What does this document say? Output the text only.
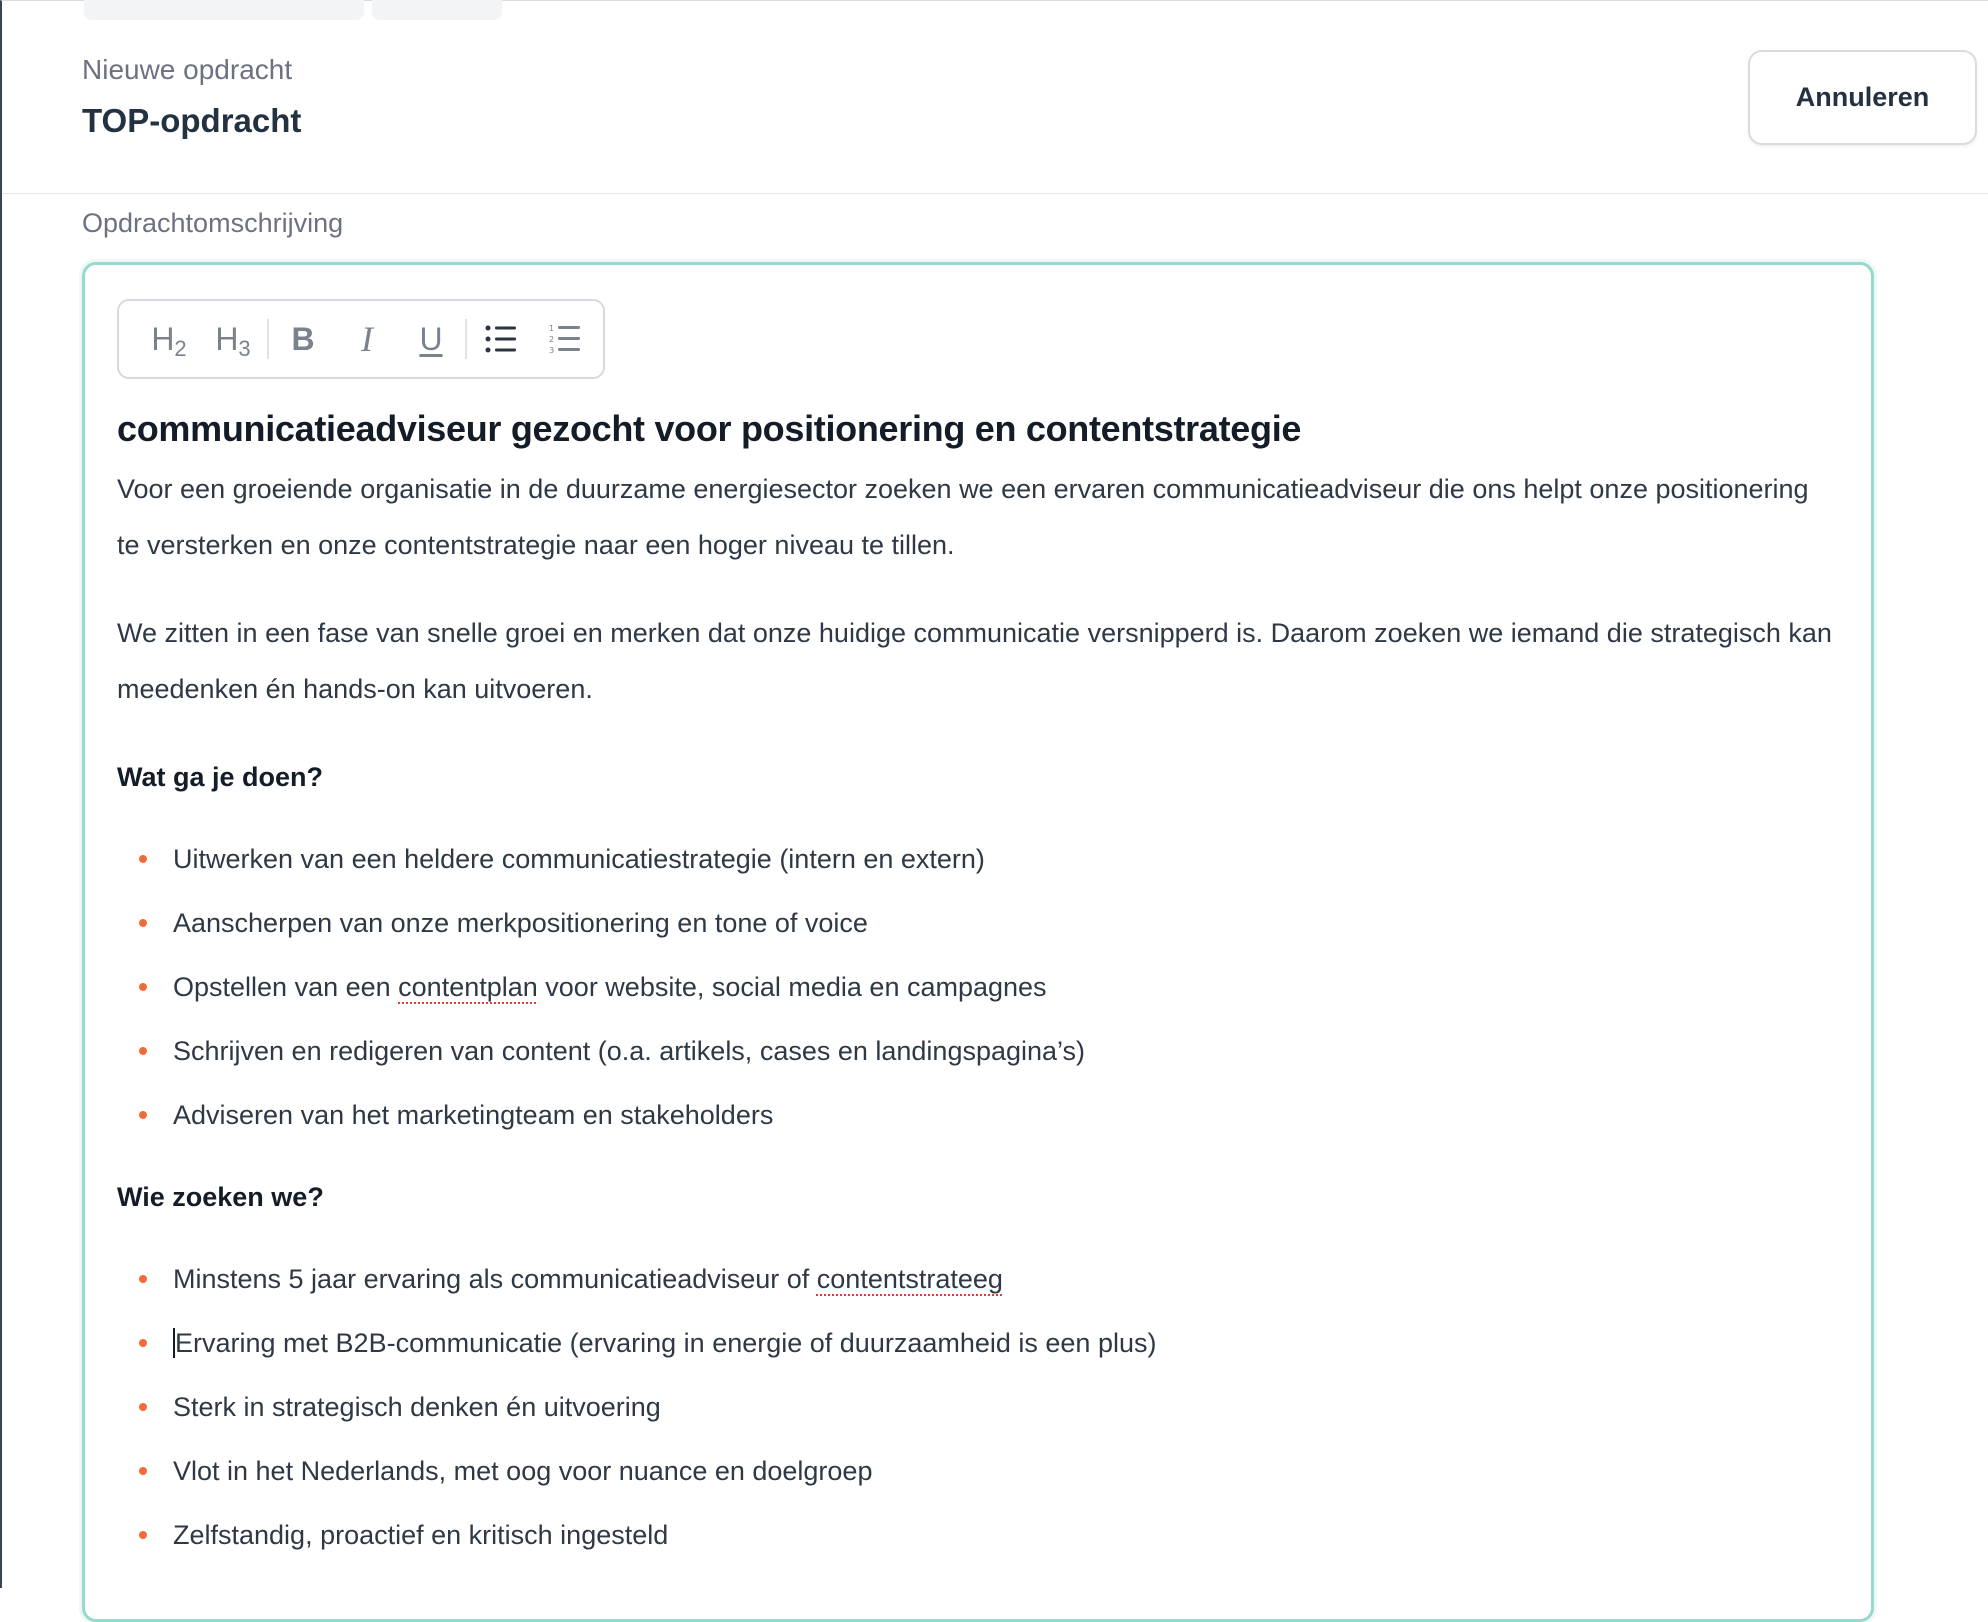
Nieuwe opdracht
TOP-opdracht
Annuleren
Opdrachtomschrijving
H2 H3 B I U	1
2
3
communicatieadviseur gezocht voor positionering en contentstrategie

Voor een groeiende organisatie in de duurzame energiesector zoeken we een ervaren communicatieadviseur die ons helpt onze positionering te versterken en onze contentstrategie naar een hoger niveau te tillen.

We zitten in een fase van snelle groei en merken dat onze huidige communicatie versnipperd is. Daarom zoeken we iemand die strategisch kan meedenken én hands-on kan uitvoeren.

Wat ga je doen?
Uitwerken van een heldere communicatiestrategie (intern en extern)
Aanscherpen van onze merkpositionering en tone of voice
Opstellen van een contentplan voor website, social media en campagnes
Schrijven en redigeren van content (o.a. artikels, cases en landingspagina’s)
Adviseren van het marketingteam en stakeholders
Wie zoeken we?
Minstens 5 jaar ervaring als communicatieadviseur of contentstrateeg
Ervaring met B2B-communicatie (ervaring in energie of duurzaamheid is een plus)
Sterk in strategisch denken én uitvoering
Vlot in het Nederlands, met oog voor nuance en doelgroep
Zelfstandig, proactief en kritisch ingesteld
